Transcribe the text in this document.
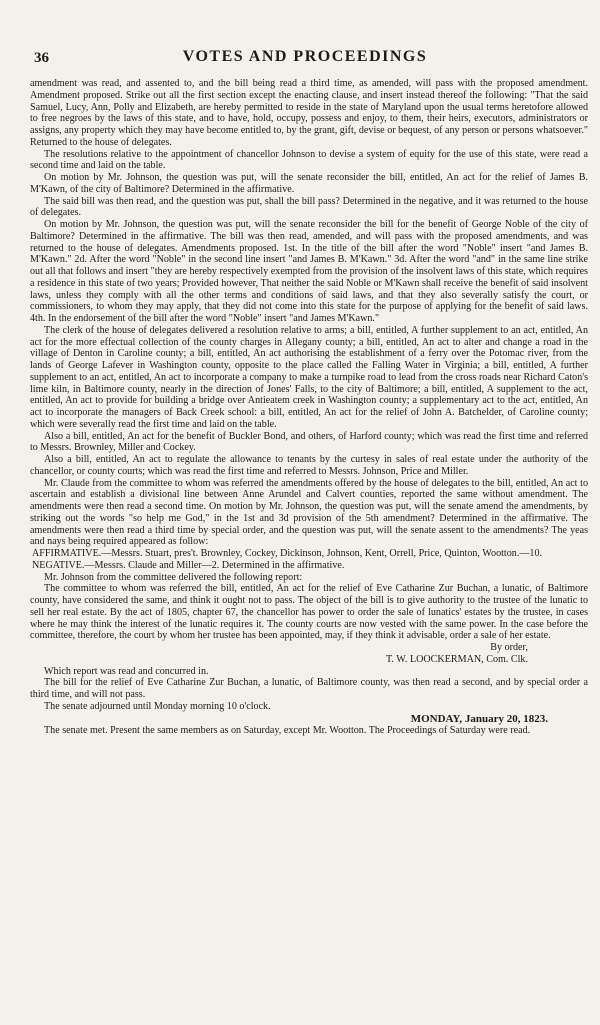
36	VOTES AND PROCEEDINGS

amendment was read, and assented to, and the bill being read a third time, as amended, will pass with the proposed amendment. Amendment proposed. Strike out all the first section except the enacting clause, and insert instead thereof the following: "That the said Samuel, Lucy, Ann, Polly and Elizabeth, are hereby permitted to reside in the state of Maryland upon the usual terms heretofore allowed to free negroes by the laws of this state, and to have, hold, occupy, possess and enjoy, to them, their heirs, executors, administrators or assigns, any property which they may have become entitled to, by the grant, gift, devise or bequest, of any person or persons whatsoever." Returned to the house of delegates.

The resolutions relative to the appointment of chancellor Johnson to devise a system of equity for the use of this state, were read a second time and laid on the table.

On motion by Mr. Johnson, the question was put, will the senate reconsider the bill, entitled, An act for the relief of James B. M'Kawn, of the city of Baltimore? Determined in the affirmative.

The said bill was then read, and the question was put, shall the bill pass? Determined in the negative, and it was returned to the house of delegates.

On motion by Mr. Johnson, the question was put, will the senate reconsider the bill for the benefit of George Noble of the city of Baltimore? Determined in the affirmative. The bill was then read, amended, and will pass with the proposed amendments, and was returned to the house of delegates. Amendments proposed. 1st. In the title of the bill after the word "Noble" insert "and James B. M'Kawn." 2d. After the word "Noble" in the second line insert "and James B. M'Kawn." 3d. After the word "and" in the same line strike out all that follows and insert "they are hereby respectively exempted from the provision of the insolvent laws of this state, which requires a residence in this state of two years; Provided however, That neither the said Noble or M'Kawn shall receive the benefit of said insolvent laws, unless they comply with all the other terms and conditions of said laws, and that they also severally satisfy the court, or commissioners, to whom they may apply, that they did not come into this state for the purpose of applying for the benefit of said laws. 4th. In the endorsement of the bill after the word "Noble" insert "and James M'Kawn."

The clerk of the house of delegates delivered a resolution relative to arms; a bill, entitled, A further supplement to an act, entitled, An act for the more effectual collection of the county charges in Allegany county; a bill, entitled, An act to alter and change a road in the village of Denton in Caroline county; a bill, entitled, An act authorising the establishment of a ferry over the Potomac river, from the lands of George Lafever in Washington county, opposite to the place called the Falling Water in Virginia; a bill, entitled, A further supplement to an act, entitled, An act to incorporate a company to make a turnpike road to lead from the cross roads near Richard Caton's lime kiln, in Baltimore county, nearly in the direction of Jones' Falls, to the city of Baltimore; a bill, entitled, A supplement to the act, entitled, An act to provide for building a bridge over Antieatem creek in Washington county; a supplementary act to the act, entitled, An act to incorporate the managers of Back Creek school: a bill, entitled, An act for the relief of John A. Batchelder, of Caroline county; which were severally read the first time and laid on the table.

Also a bill, entitled, An act for the benefit of Buckler Bond, and others, of Harford county; which was read the first time and referred to Messrs. Brownley, Miller and Cockey.

Also a bill, entitled, An act to regulate the allowance to tenants by the curtesy in sales of real estate under the authority of the chancellor, or county courts; which was read the first time and referred to Messrs. Johnson, Price and Miller.

Mr. Claude from the committee to whom was referred the amendments offered by the house of delegates to the bill, entitled, An act to ascertain and establish a divisional line between Anne Arundel and Calvert counties, reported the same without amendment. The amendments were then read a second time. On motion by Mr. Johnson, the question was put, will the senate amend the amendments, by striking out the words "so help me God," in the 1st and 3d provision of the 5th amendment? Determined in the affirmative. The amendments were then read a third time by special order, and the question was put, will the senate assent to the amendments? The yeas and nays being required appeared as follow:

AFFIRMATIVE.—Messrs. Stuart, pres't. Brownley, Cockey, Dickinson, Johnson, Kent, Orrell, Price, Quinton, Wootton.—10.

NEGATIVE.—Messrs. Claude and Miller—2. Determined in the affirmative.

Mr. Johnson from the committee delivered the following report:

The committee to whom was referred the bill, entitled, An act for the relief of Eve Catharine Zur Buchan, a lunatic, of Baltimore county, have considered the same, and think it ought not to pass. The object of the bill is to give authority to the trustee of the lunatic to sell her real estate. By the act of 1805, chapter 67, the chancellor has power to order the sale of lunatics' estates by the trustee, in cases where he may think the interest of the lunatic requires it. The county courts are now vested with the same power. In the case before the committee, therefore, the court by whom her trustee has been appointed, may, if they think it advisable, order a sale of her estate.

By order,

T. W. LOOCKERMAN, Com. Clk.

Which report was read and concurred in.

The bill for the relief of Eve Catharine Zur Buchan, a lunatic, of Baltimore county, was then read a second, and by special order a third time, and will not pass.

The senate adjourned until Monday morning 10 o'clock.

MONDAY, January 20, 1823.

The senate met. Present the same members as on Saturday, except Mr. Wootton. The Proceedings of Saturday were read.
